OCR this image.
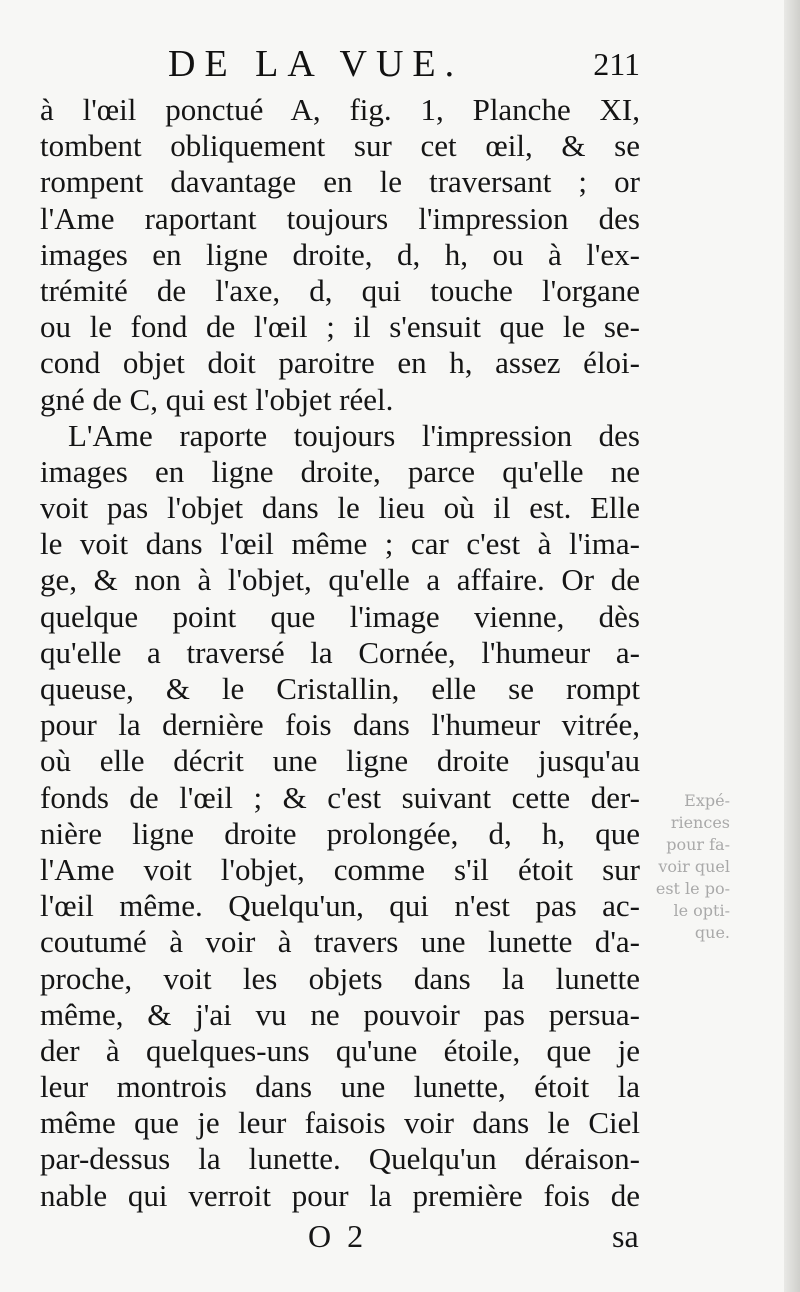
DE LA VUE.	211
à l'œil ponctué A, fig. 1, Planche XI,
tombent obliquement sur cet œil, & se
rompent davantage en le traversant ; or
l'Ame raportant toujours l'impression des
images en ligne droite, d, h, ou à l'ex-
trémité de l'axe, d, qui touche l'organe
ou le fond de l'œil ; il s'ensuit que le se-
cond objet doit paroitre en h, assez éloi-
gné de C, qui est l'objet réel.
L'Ame raporte toujours l'impression des
images en ligne droite, parce qu'elle ne
voit pas l'objet dans le lieu où il est. Elle
le voit dans l'œil même ; car c'est à l'ima-
ge, & non à l'objet, qu'elle a affaire. Or de
quelque point que l'image vienne, dès
qu'elle a traversé la Cornée, l'humeur a-
queuse, & le Cristallin, elle se rompt
pour la dernière fois dans l'humeur vitrée,
où elle décrit une ligne droite jusqu'au
fonds de l'œil ; & c'est suivant cette der-
nière ligne droite prolongée, d, h, que
l'Ame voit l'objet, comme s'il étoit sur
l'œil même. Quelqu'un, qui n'est pas ac-
coutumé à voir à travers une lunette d'a-
proche, voit les objets dans la lunette
même, & j'ai vu ne pouvoir pas persua-
der à quelques-uns qu'une étoile, que je
leur montrois dans une lunette, étoit la
même que je leur faisois voir dans le Ciel
par-dessus la lunette. Quelqu'un déraison-
nable qui verroit pour la première fois de
Expé-
riences
pour fa-
voir quel
est le po-
le opti-
que.
O 2	sa
